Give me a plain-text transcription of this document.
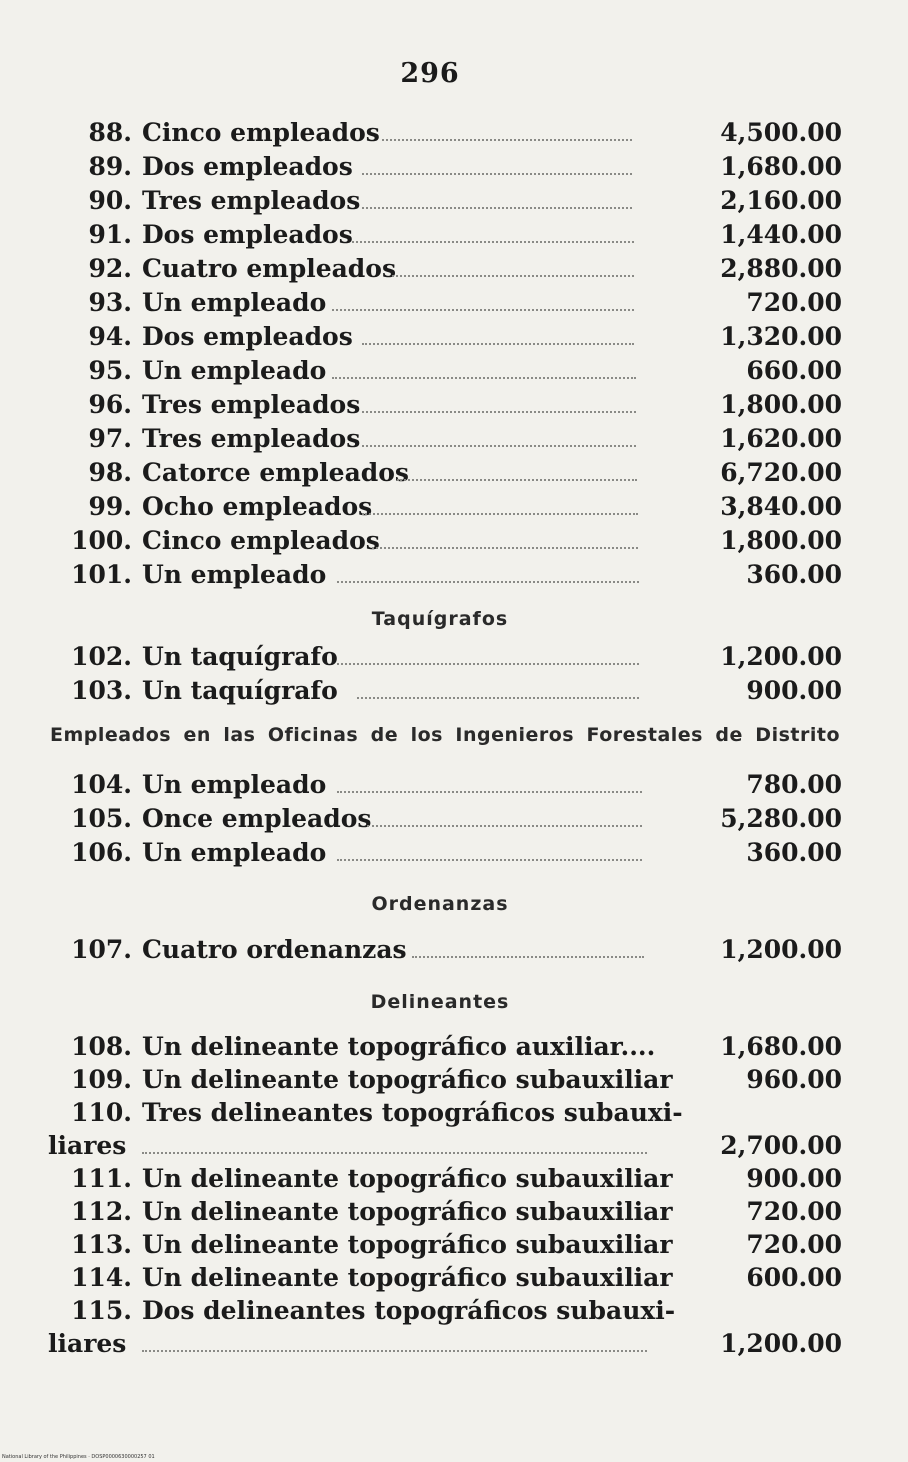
296
88. Cinco empleados	4,500.00
89. Dos empleados	1,680.00
90. Tres empleados	2,160.00
91. Dos empleados	1,440.00
92. Cuatro empleados	2,880.00
93. Un empleado	720.00
94. Dos empleados	1,320.00
95. Un empleado	660.00
96. Tres empleados	1,800.00
97. Tres empleados	1,620.00
98. Catorce empleados	6,720.00
99. Ocho empleados	3,840.00
100. Cinco empleados	1,800.00
101. Un empleado	360.00
Taquígrafos
102. Un taquígrafo	1,200.00
103. Un taquígrafo	900.00
Empleados en las Oficinas de los Ingenieros Forestales de Distrito
104. Un empleado	780.00
105. Once empleados	5,280.00
106. Un empleado	360.00
Ordenanzas
107. Cuatro ordenanzas	1,200.00
Delineantes
108. Un delineante topográfico auxiliar....	1,680.00
109. Un delineante topográfico subauxiliar	960.00
110. Tres delineantes topográficos subauxi-
liares	2,700.00
111. Un delineante topográfico subauxiliar	900.00
112. Un delineante topográfico subauxiliar	720.00
113. Un delineante topográfico subauxiliar	720.00
114. Un delineante topográfico subauxiliar	600.00
115. Dos delineantes topográficos subauxi-
liares	1,200.00
National Library of the Philippines · DOSP0000630000257 01
